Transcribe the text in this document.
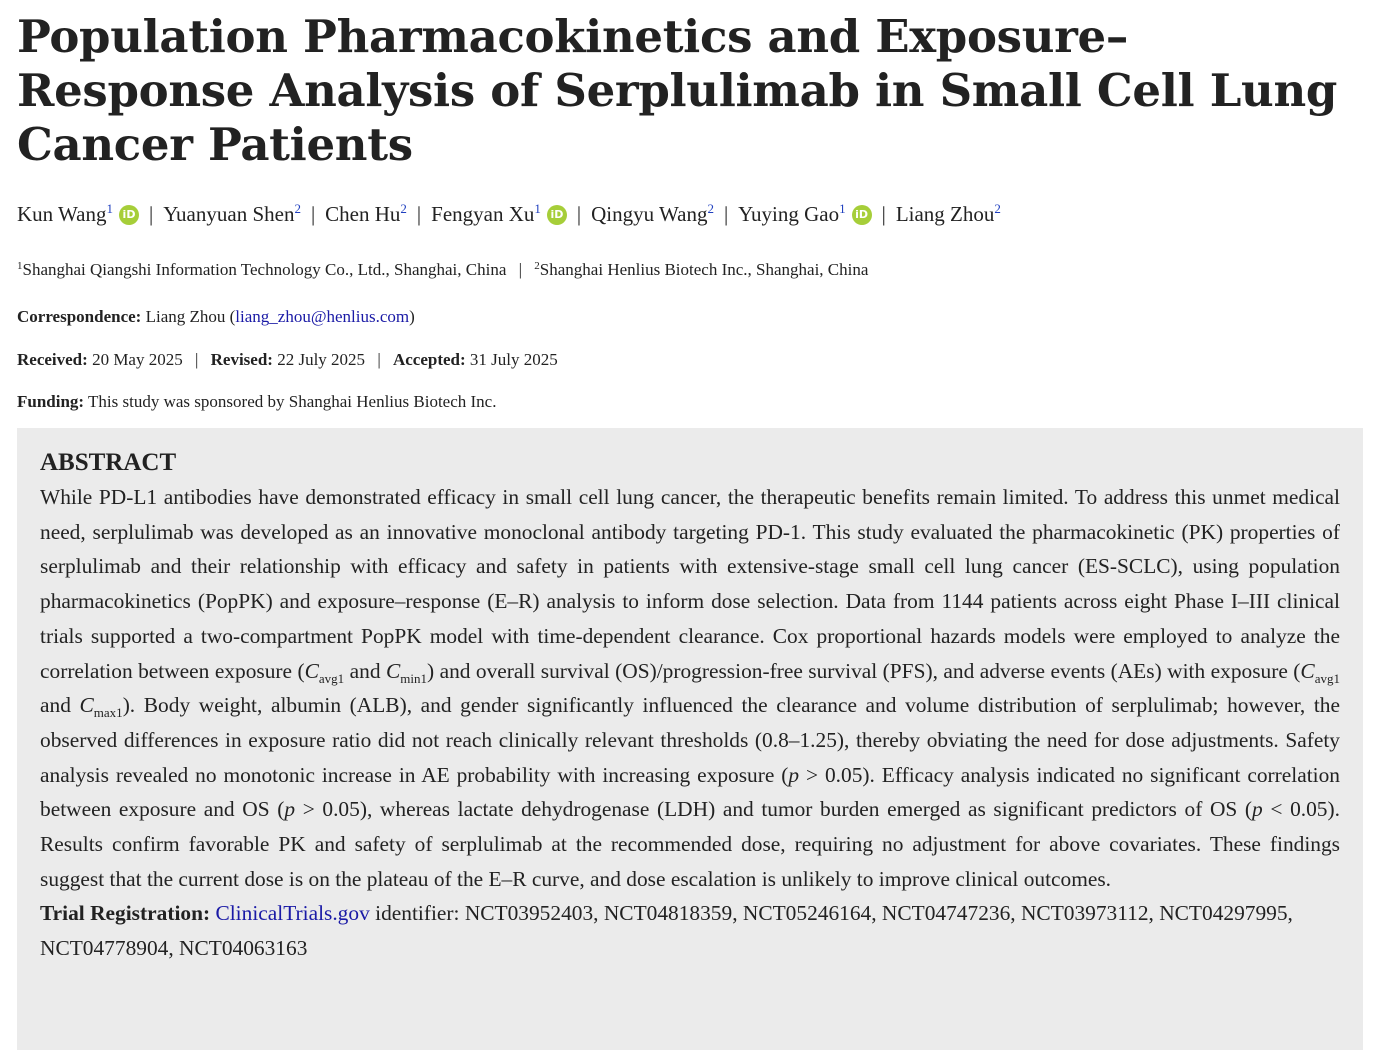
Population Pharmacokinetics and Exposure–Response Analysis of Serplulimab in Small Cell Lung Cancer Patients
Kun Wang$^1$ iD | Yuanyuan Shen$^2$ | Chen Hu$^2$ | Fengyan Xu$^1$ iD | Qingyu Wang$^2$ | Yuying Gao$^1$ iD | Liang Zhou$^2$
$^1$Shanghai Qiangshi Information Technology Co., Ltd., Shanghai, China | $^2$Shanghai Henlius Biotech Inc., Shanghai, China
Correspondence: Liang Zhou (liang_zhou@henlius.com)
Received: 20 May 2025 | Revised: 22 July 2025 | Accepted: 31 July 2025
Funding: This study was sponsored by Shanghai Henlius Biotech Inc.
ABSTRACT
While PD-L1 antibodies have demonstrated efficacy in small cell lung cancer, the therapeutic benefits remain limited. To address this unmet medical need, serplulimab was developed as an innovative monoclonal antibody targeting PD-1. This study evaluated the pharmacokinetic (PK) properties of serplulimab and their relationship with efficacy and safety in patients with extensive-stage small cell lung cancer (ES-SCLC), using population pharmacokinetics (PopPK) and exposure–response (E–R) analysis to inform dose selection. Data from 1144 patients across eight Phase I–III clinical trials supported a two-compartment PopPK model with time-dependent clearance. Cox proportional hazards models were employed to analyze the correlation between exposure ($C_{avg1}$ and $C_{min1}$) and overall survival (OS)/progression-free survival (PFS), and adverse events (AEs) with exposure ($C_{avg1}$ and $C_{max1}$). Body weight, albumin (ALB), and gender significantly influenced the clearance and volume distribution of serplulimab; however, the observed differences in exposure ratio did not reach clinically relevant thresholds (0.8–1.25), thereby obviating the need for dose adjustments. Safety analysis revealed no monotonic increase in AE probability with increasing exposure (p > 0.05). Efficacy analysis indicated no significant correlation between exposure and OS (p > 0.05), whereas lactate dehydrogenase (LDH) and tumor burden emerged as significant predictors of OS (p < 0.05). Results confirm favorable PK and safety of serplulimab at the recommended dose, requiring no adjustment for above covariates. These findings suggest that the current dose is on the plateau of the E–R curve, and dose escalation is unlikely to improve clinical outcomes.
Trial Registration: ClinicalTrials.gov identifier: NCT03952403, NCT04818359, NCT05246164, NCT04747236, NCT03973112, NCT04297995, NCT04778904, NCT04063163
